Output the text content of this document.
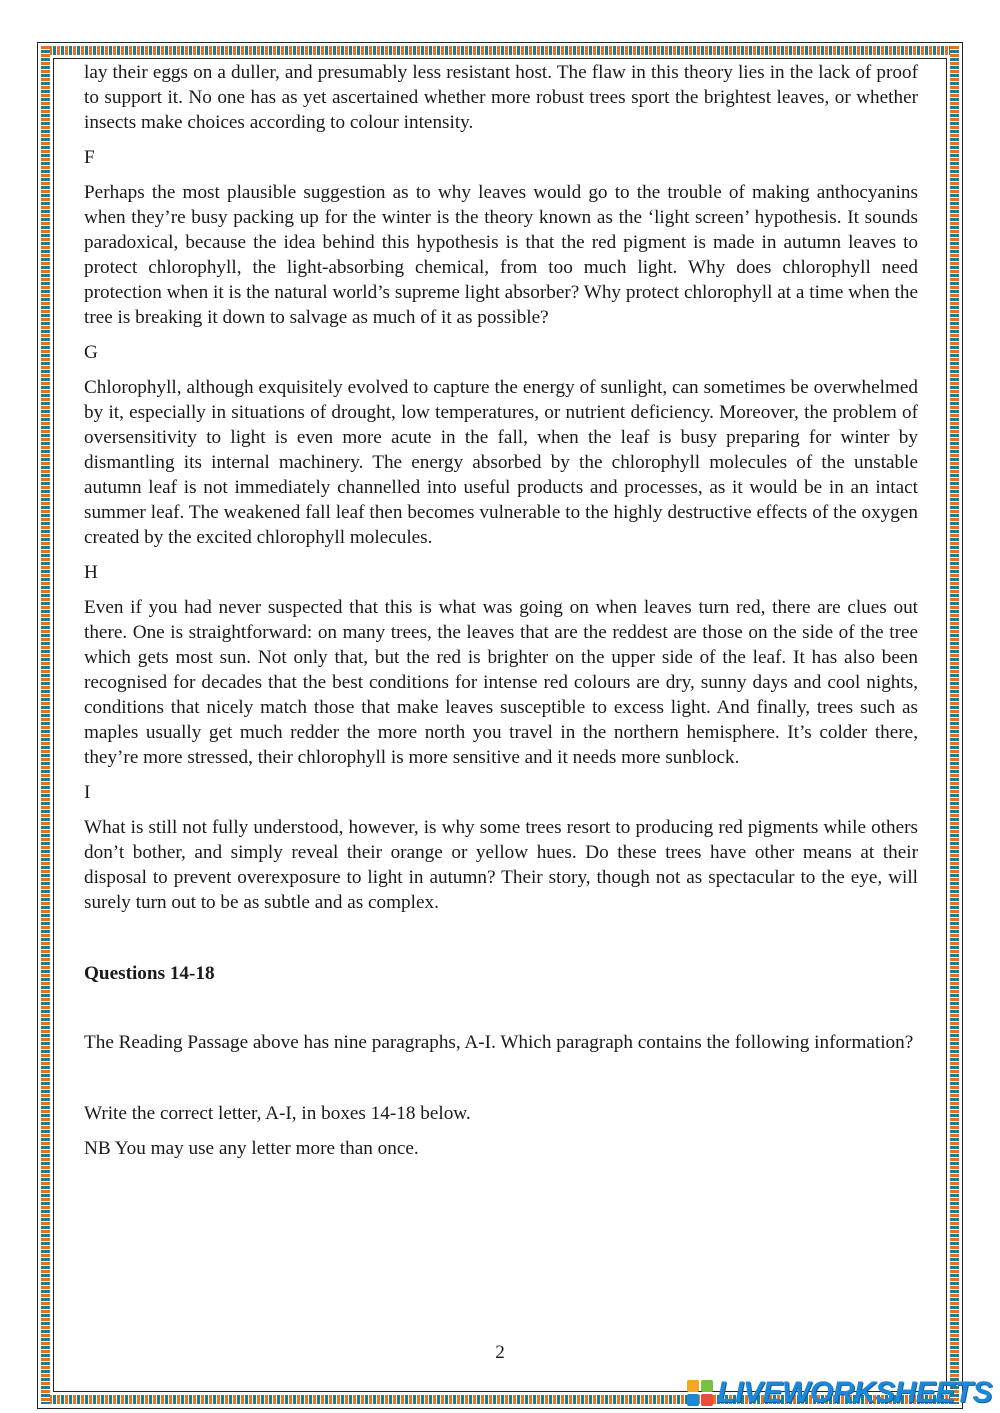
lay their eggs on a duller, and presumably less resistant host. The flaw in this theory lies in the lack of proof to support it. No one has as yet ascertained whether more robust trees sport the brightest leaves, or whether insects make choices according to colour intensity.

F

Perhaps the most plausible suggestion as to why leaves would go to the trouble of making anthocyanins when they’re busy packing up for the winter is the theory known as the ‘light screen’ hypothesis. It sounds paradoxical, because the idea behind this hypothesis is that the red pigment is made in autumn leaves to protect chlorophyll, the light-absorbing chemical, from too much light. Why does chlorophyll need protection when it is the natural world’s supreme light absorber? Why protect chlorophyll at a time when the tree is breaking it down to salvage as much of it as possible?

G

Chlorophyll, although exquisitely evolved to capture the energy of sunlight, can sometimes be overwhelmed by it, especially in situations of drought, low temperatures, or nutrient deficiency. Moreover, the problem of oversensitivity to light is even more acute in the fall, when the leaf is busy preparing for winter by dismantling its internal machinery. The energy absorbed by the chlorophyll molecules of the unstable autumn leaf is not immediately channelled into useful products and processes, as it would be in an intact summer leaf. The weakened fall leaf then becomes vulnerable to the highly destructive effects of the oxygen created by the excited chlorophyll molecules.

H

Even if you had never suspected that this is what was going on when leaves turn red, there are clues out there. One is straightforward: on many trees, the leaves that are the reddest are those on the side of the tree which gets most sun. Not only that, but the red is brighter on the upper side of the leaf. It has also been recognised for decades that the best conditions for intense red colours are dry, sunny days and cool nights, conditions that nicely match those that make leaves susceptible to excess light. And finally, trees such as maples usually get much redder the more north you travel in the northern hemisphere. It’s colder there, they’re more stressed, their chlorophyll is more sensitive and it needs more sunblock.

I

What is still not fully understood, however, is why some trees resort to producing red pigments while others don’t bother, and simply reveal their orange or yellow hues. Do these trees have other means at their disposal to prevent overexposure to light in autumn? Their story, though not as spectacular to the eye, will surely turn out to be as subtle and as complex.

Questions 14-18

The Reading Passage above has nine paragraphs, A-I. Which paragraph contains the following information?

Write the correct letter, A-I, in boxes 14-18 below.

NB You may use any letter more than once.

2
LIVEWORKSHEETS
